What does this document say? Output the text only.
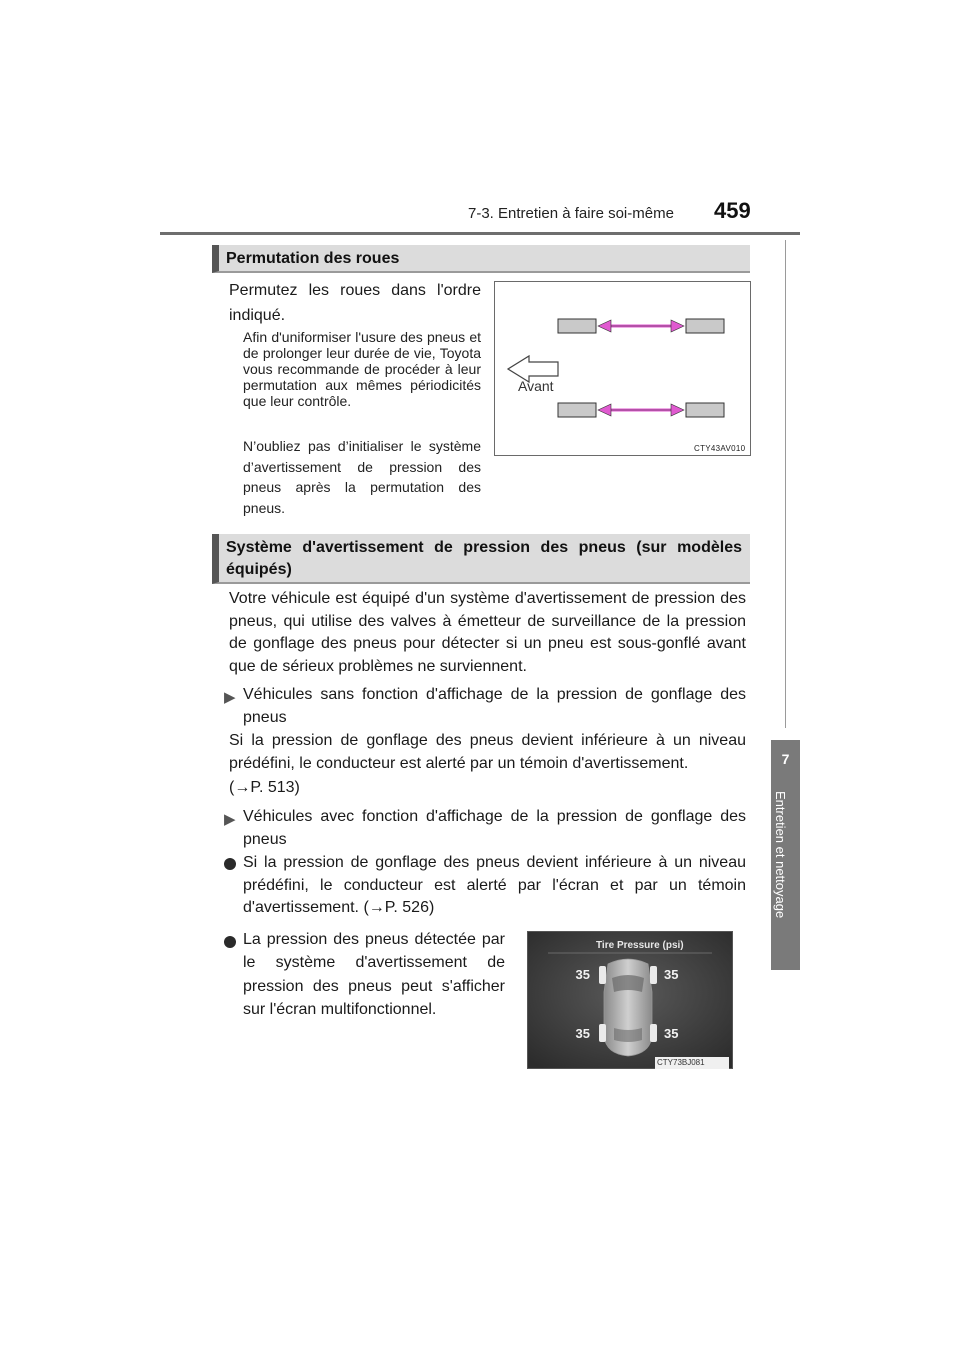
7-3. Entretien à faire soi-même 459
7
Entretien et nettoyage
Permutation des roues
Permutez les roues dans l'ordre indiqué.
Afin d'uniformiser l'usure des pneus et de prolonger leur durée de vie, Toyota vous recommande de procéder à leur permutation aux mêmes périodicités que leur contrôle.
N’oubliez pas d’initialiser le système d’avertissement de pression des pneus après la permutation des pneus.
Avant
CTY43AV010
Système d'avertissement de pression des pneus (sur modèles équipés)
Votre véhicule est équipé d'un système d'avertissement de pression des pneus, qui utilise des valves à émetteur de surveillance de la pression de gonflage des pneus pour détecter si un pneu est sous-gonflé avant que de sérieux problèmes ne surviennent.
▶ Véhicules sans fonction d'affichage de la pression de gonflage des pneus
Si la pression de gonflage des pneus devient inférieure à un niveau prédéfini, le conducteur est alerté par un témoin d'avertissement.
(→P. 513)
▶ Véhicules avec fonction d'affichage de la pression de gonflage des pneus
Si la pression de gonflage des pneus devient inférieure à un niveau prédéfini, le conducteur est alerté par l'écran et par un témoin d'avertissement. (→P. 526)
La pression des pneus détectée par le système d'avertissement de pression des pneus peut s'afficher sur l'écran multifonctionnel.
Tire Pressure (psi)
35	35
35	35
CTY73BJ081
